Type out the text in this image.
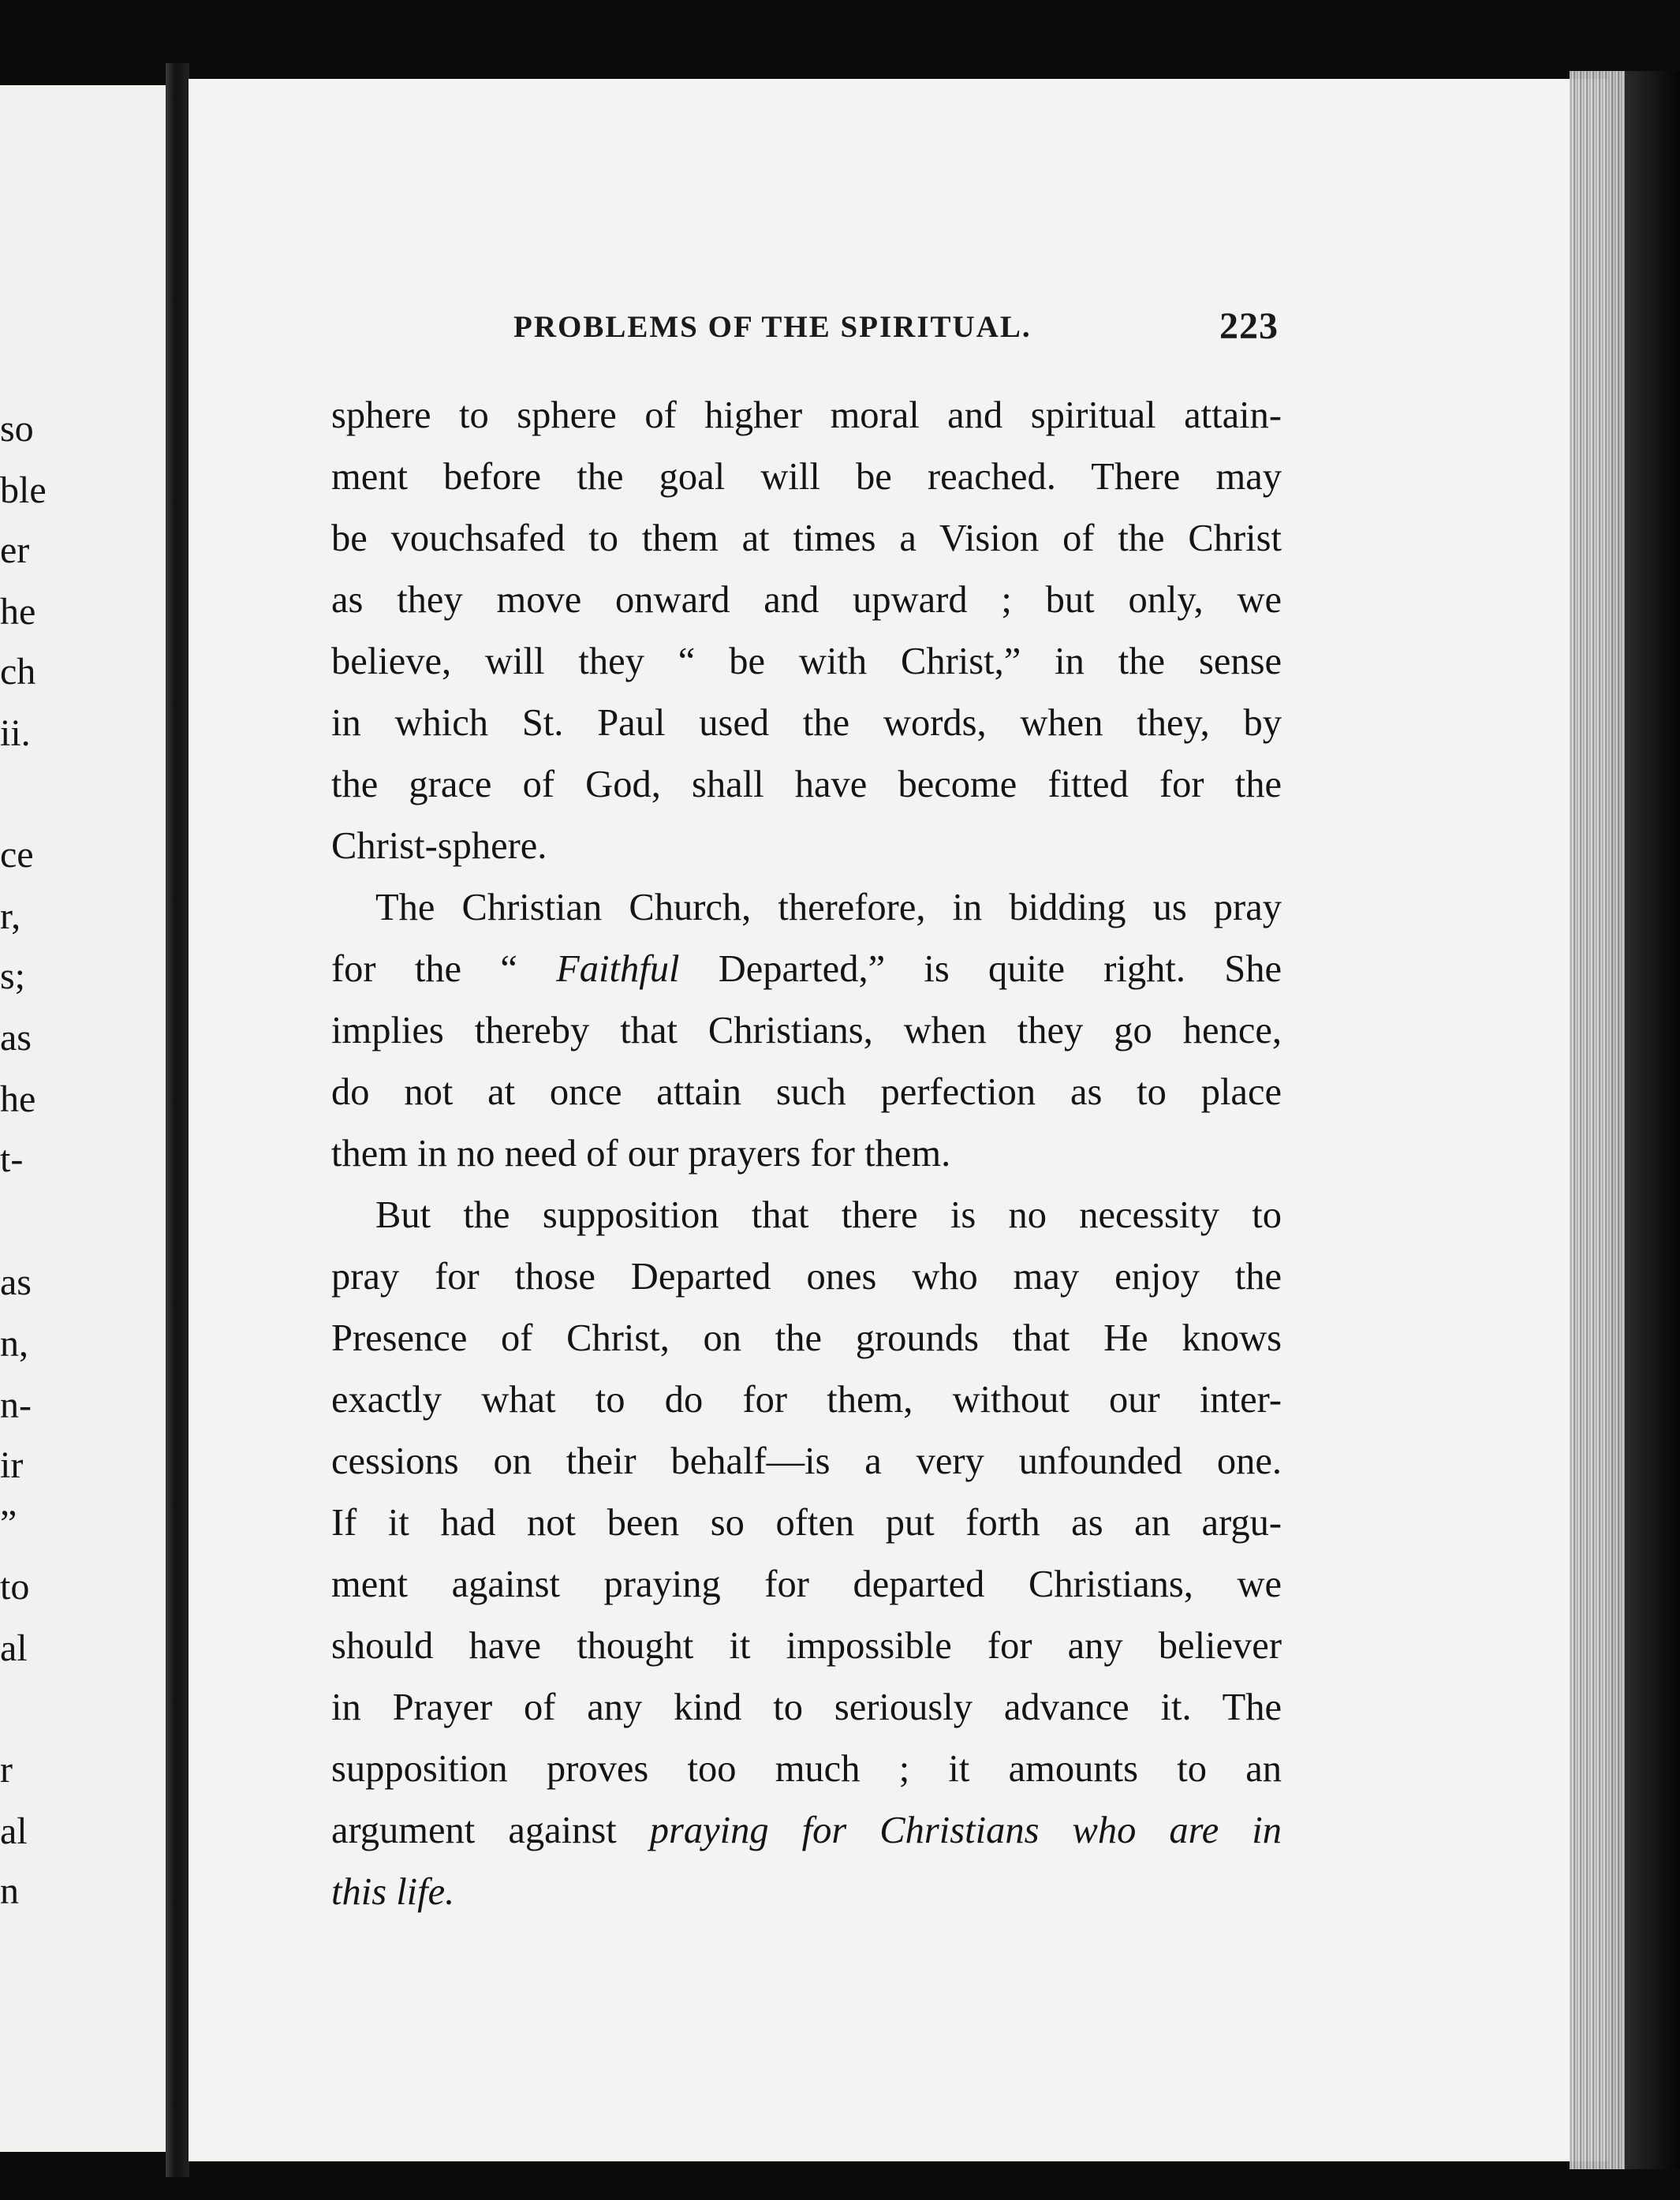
so
ble
er
he
ch
ii.
ce
r,
s;
as
he
t-
as
n,
n-
ir
”
to
al
r
al
n
PROBLEMS OF THE SPIRITUAL.	223
sphere to sphere of higher moral and spiritual attain-
ment before the goal will be reached. There may
be vouchsafed to them at times a Vision of the Christ
as they move onward and upward ; but only, we
believe, will they “ be with Christ,” in the sense
in which St. Paul used the words, when they, by
the grace of God, shall have become fitted for the
Christ-sphere.
The Christian Church, therefore, in bidding us pray
for the “ Faithful Departed,” is quite right. She
implies thereby that Christians, when they go hence,
do not at once attain such perfection as to place
them in no need of our prayers for them.
But the supposition that there is no necessity to
pray for those Departed ones who may enjoy the
Presence of Christ, on the grounds that He knows
exactly what to do for them, without our inter-
cessions on their behalf—is a very unfounded one.
If it had not been so often put forth as an argu-
ment against praying for departed Christians, we
should have thought it impossible for any believer
in Prayer of any kind to seriously advance it. The
supposition proves too much ; it amounts to an
argument against praying for Christians who are in
this life.
